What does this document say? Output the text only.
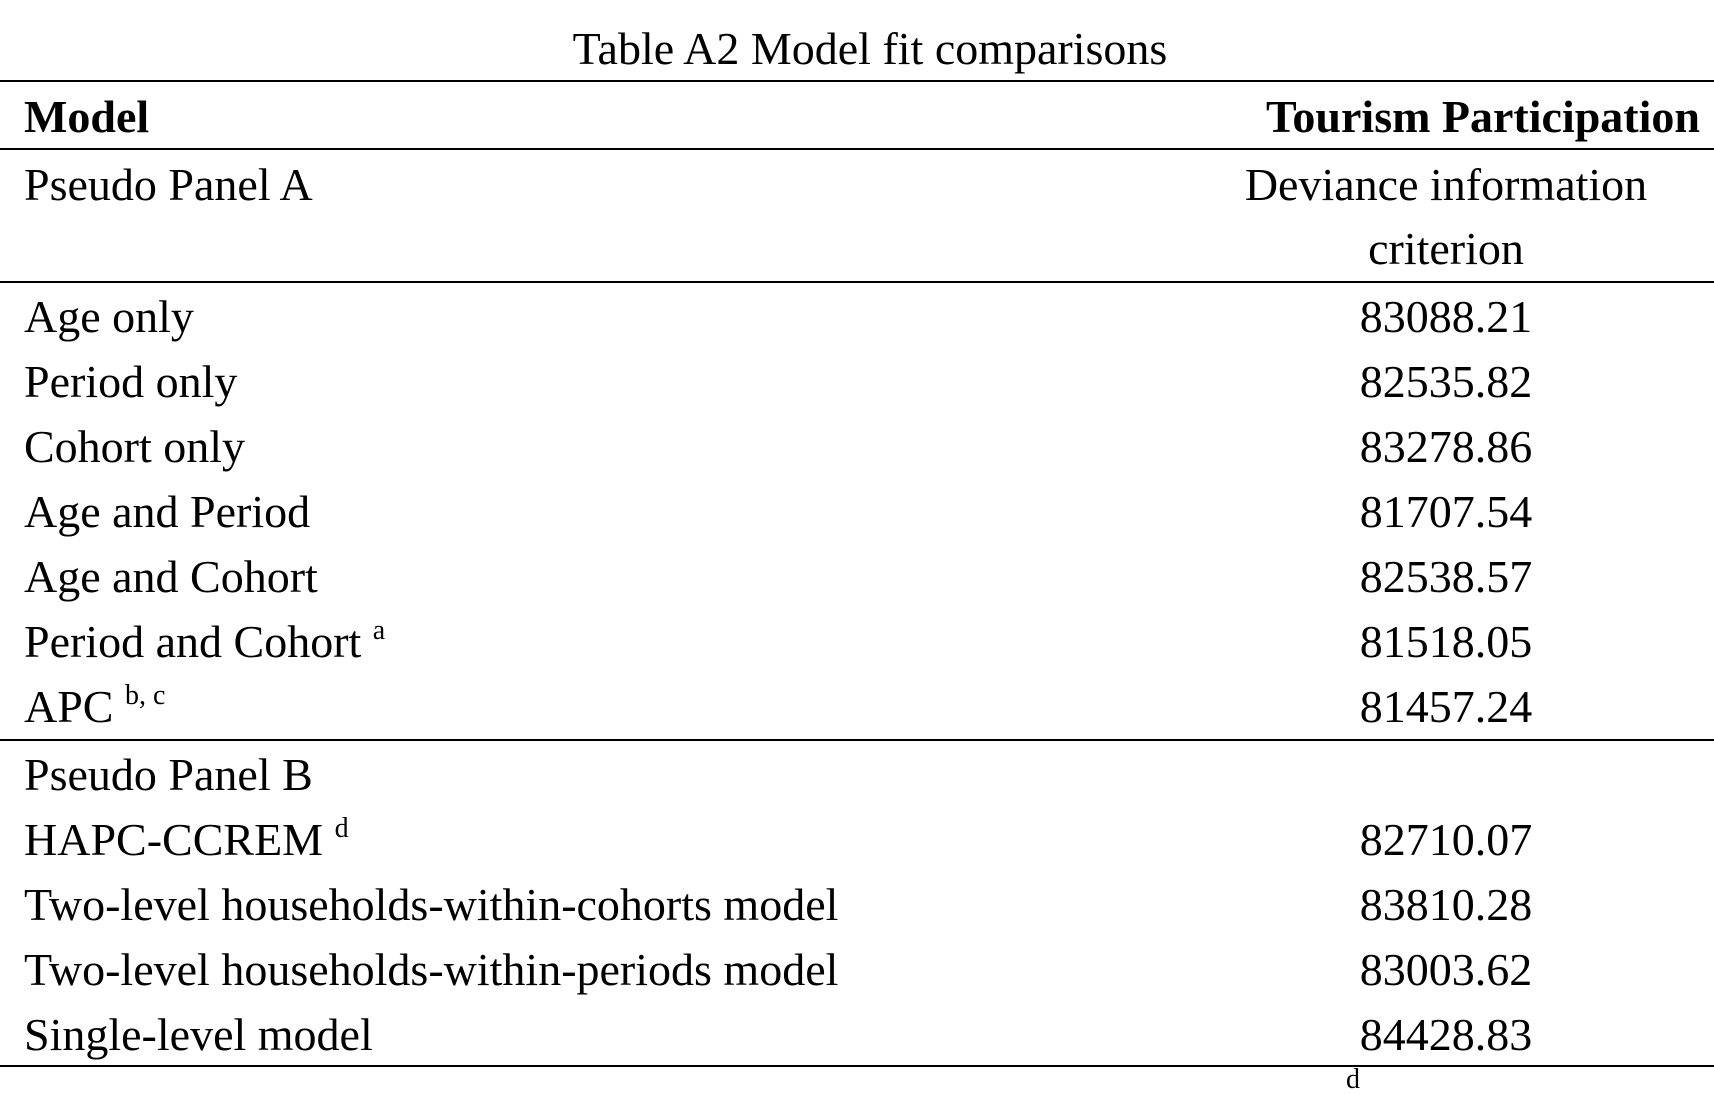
Table A2 Model fit comparisons
Model	Tourism Participation
Pseudo Panel A	Deviance information criterion
Age only	83088.21
Period only	82535.82
Cohort only	83278.86
Age and Period	81707.54
Age and Cohort	82538.57
Period and Cohort $^a$	81518.05
APC $^{b, c}$	81457.24
Pseudo Panel B
HAPC-CCREM $^d$	82710.07
Two-level households-within-cohorts model	83810.28
Two-level households-within-periods model	83003.62
Single-level model	84428.83
d
